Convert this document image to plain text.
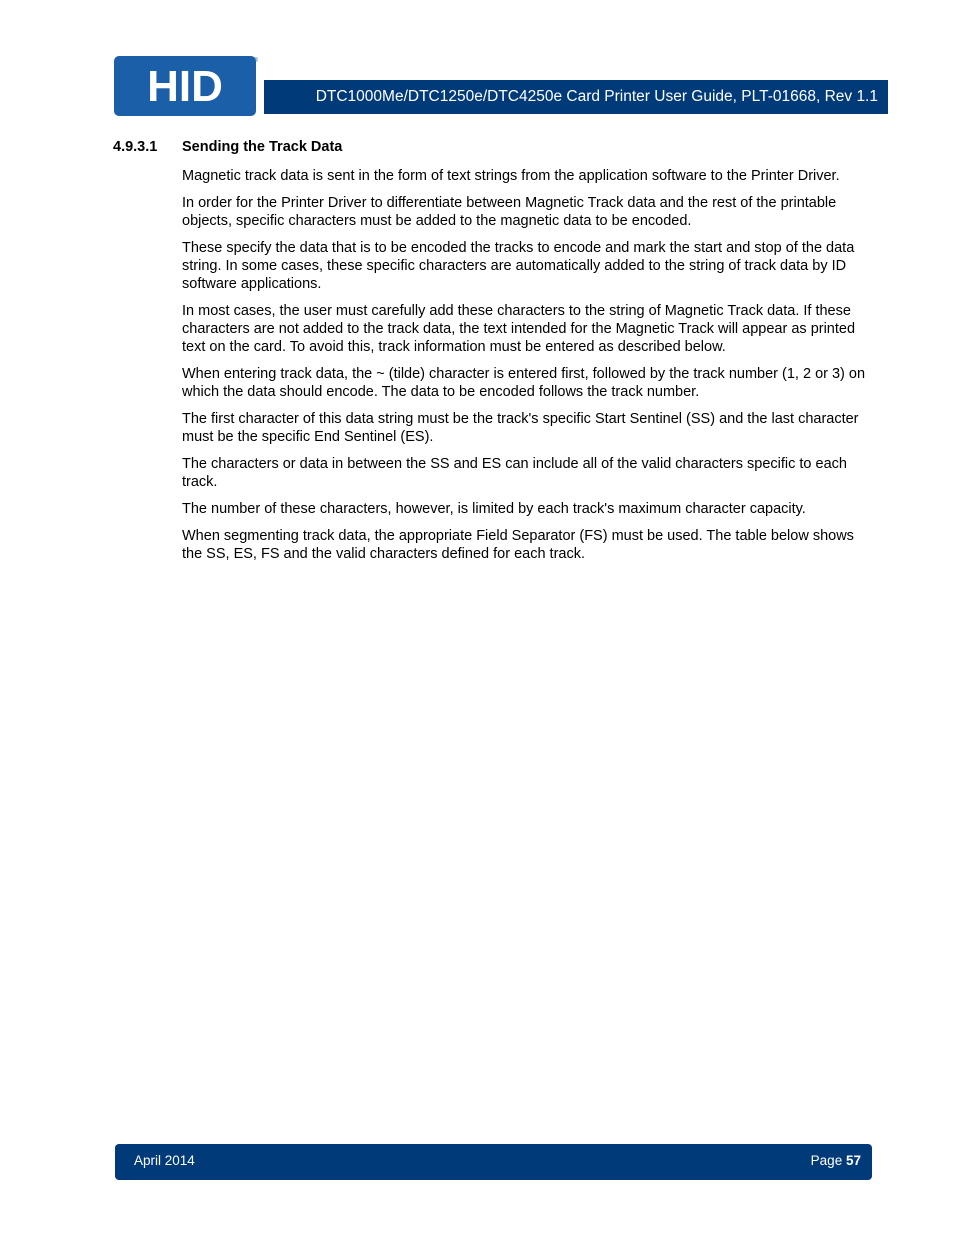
HID
®
DTC1000Me/DTC1250e/DTC4250e Card Printer User Guide, PLT-01668, Rev 1.1
4.9.3.1 Sending the Track Data

Magnetic track data is sent in the form of text strings from the application software to the Printer Driver.

In order for the Printer Driver to differentiate between Magnetic Track data and the rest of the printable objects, specific characters must be added to the magnetic data to be encoded.

These specify the data that is to be encoded the tracks to encode and mark the start and stop of the data string. In some cases, these specific characters are automatically added to the string of track data by ID software applications.

In most cases, the user must carefully add these characters to the string of Magnetic Track data. If these characters are not added to the track data, the text intended for the Magnetic Track will appear as printed text on the card. To avoid this, track information must be entered as described below.

When entering track data, the ~ (tilde) character is entered first, followed by the track number (1, 2 or 3) on which the data should encode. The data to be encoded follows the track number.

The first character of this data string must be the track's specific Start Sentinel (SS) and the last character must be the specific End Sentinel (ES).

The characters or data in between the SS and ES can include all of the valid characters specific to each track.

The number of these characters, however, is limited by each track's maximum character capacity.

When segmenting track data, the appropriate Field Separator (FS) must be used. The table below shows the SS, ES, FS and the valid characters defined for each track.

April 2014	Page 57
